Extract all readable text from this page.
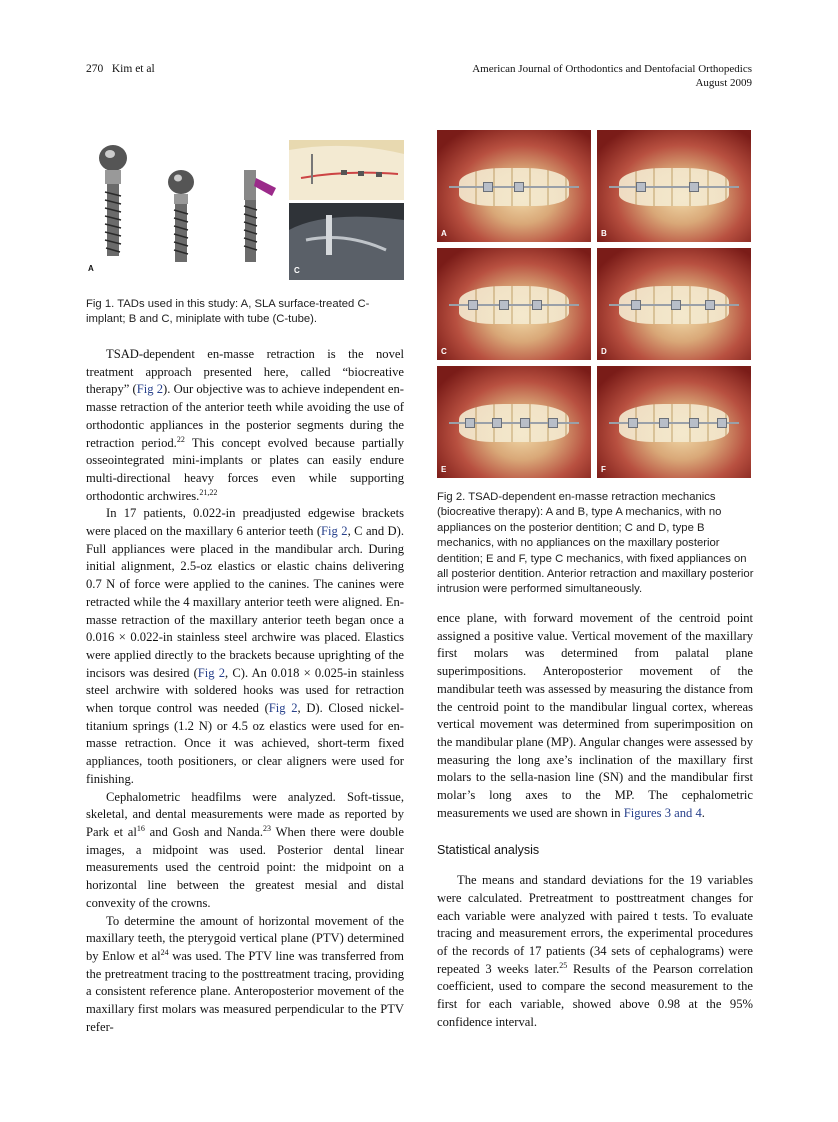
270 Kim et al	American Journal of Orthodontics and Dentofacial Orthopedics
August 2009
A	C
Fig 1. TADs used in this study: A, SLA surface-treated C-implant; B and C, miniplate with tube (C-tube).
A	B
C	D
E	F
Fig 2. TSAD-dependent en-masse retraction mechanics (biocreative therapy): A and B, type A mechanics, with no appliances on the posterior dentition; C and D, type B mechanics, with no appliances on the maxillary posterior dentition; E and F, type C mechanics, with fixed appliances on all posterior dentition. Anterior retraction and maxillary posterior intrusion were performed simultaneously.

TSAD-dependent en-masse retraction is the novel treatment approach presented here, called “biocreative therapy” (Fig 2). Our objective was to achieve independent en-masse retraction of the anterior teeth while avoiding the use of orthodontic appliances in the posterior segments during the retraction period.$^{22}$ This concept evolved because partially osseointegrated mini-implants or plates can easily endure multi-directional heavy forces even while supporting orthodontic archwires.$^{21,22}$

In 17 patients, 0.022-in preadjusted edgewise brackets were placed on the maxillary 6 anterior teeth (Fig 2, C and D). Full appliances were placed in the mandibular arch. During initial alignment, 2.5-oz elastics or elastic chains delivering 0.7 N of force were applied to the canines. The canines were retracted while the 4 maxillary anterior teeth were aligned. En-masse retraction of the maxillary anterior teeth began once a 0.016 × 0.022-in stainless steel archwire was placed. Elastics were applied directly to the brackets because uprighting of the incisors was desired (Fig 2, C). An 0.018 × 0.025-in stainless steel archwire with soldered hooks was used for retraction when torque control was needed (Fig 2, D). Closed nickel-titanium springs (1.2 N) or 4.5 oz elastics were used for en-masse retraction. Once it was achieved, short-term fixed appliances, tooth positioners, or clear aligners were used for finishing.

Cephalometric headfilms were analyzed. Soft-tissue, skeletal, and dental measurements were made as reported by Park et $al^{16}$ and Gosh and Nanda.$^{23}$ When there were double images, a midpoint was used. Posterior dental linear measurements used the centroid point: the midpoint on a horizontal line between the greatest mesial and distal convexity of the crowns.

To determine the amount of horizontal movement of the maxillary teeth, the pterygoid vertical plane (PTV) determined by Enlow et $al^{24}$ was used. The PTV line was transferred from the pretreatment tracing to the posttreatment tracing, providing a consistent reference plane. Anteroposterior movement of the maxillary first molars was measured perpendicular to the PTV refer-

ence plane, with forward movement of the centroid point assigned a positive value. Vertical movement of the maxillary first molars was determined from palatal plane superimpositions. Anteroposterior movement of the mandibular teeth was assessed by measuring the distance from the centroid point to the mandibular lingual cortex, whereas vertical movement was determined from superimposition on the mandibular plane (MP). Angular changes were assessed by measuring the long axe’s inclination of the maxillary first molars to the sella-nasion line (SN) and the mandibular first molar’s long axes to the MP. The cephalometric measurements we used are shown in Figures 3 and 4.

Statistical analysis

The means and standard deviations for the 19 variables were calculated. Pretreatment to posttreatment changes for each variable were analyzed with paired t tests. To evaluate tracing and measurement errors, the experimental procedures of the records of 17 patients (34 sets of cephalograms) were repeated 3 weeks later.$^{25}$ Results of the Pearson correlation coefficient, used to compare the second measurement to the first for each variable, showed above 0.98 at the 95% confidence interval.
